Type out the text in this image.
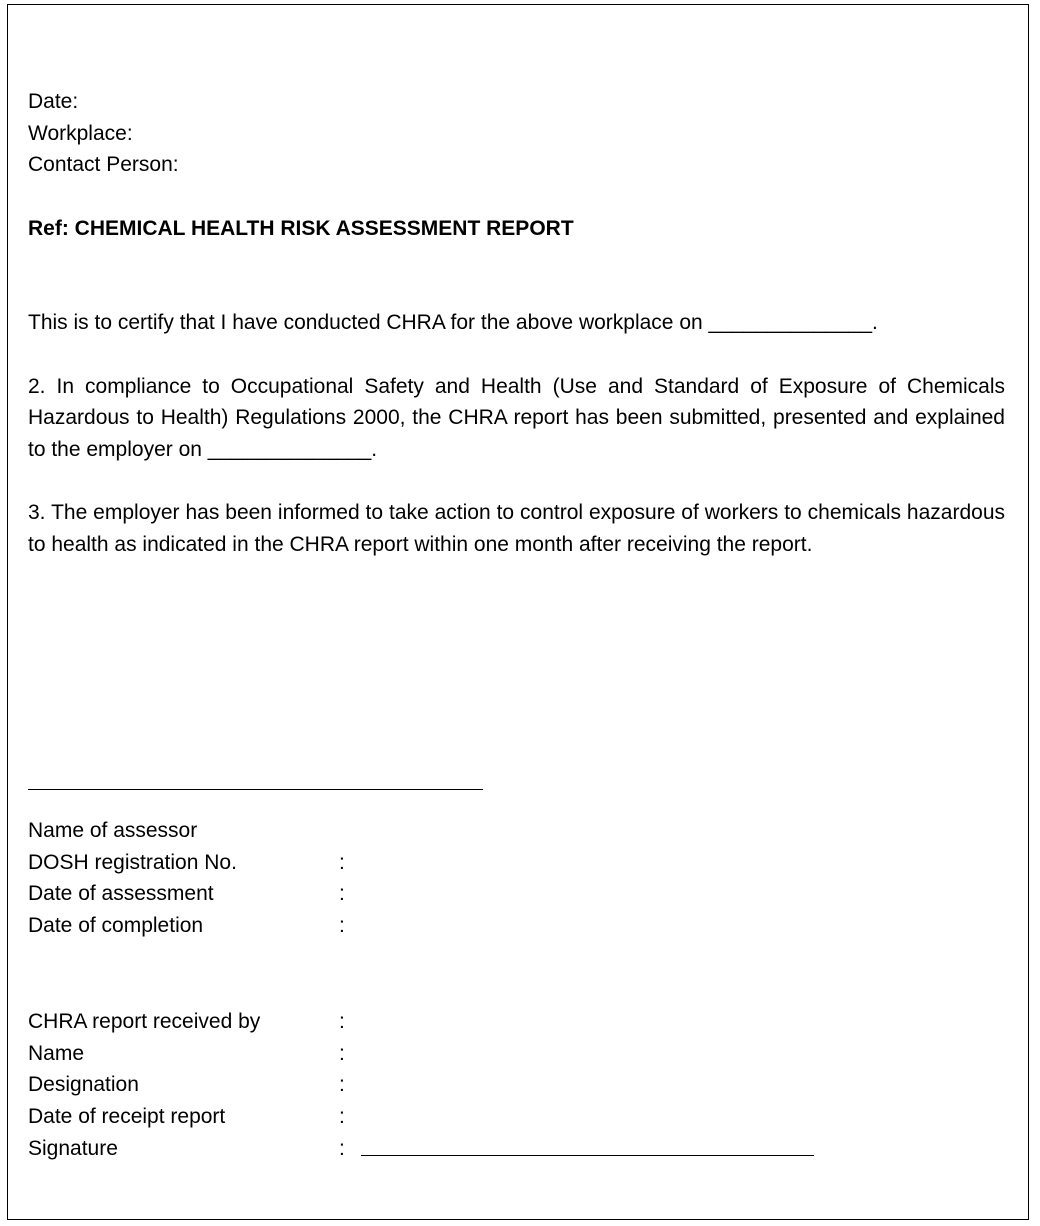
Date:
Workplace:
Contact Person:
Ref: CHEMICAL HEALTH RISK ASSESSMENT REPORT
This is to certify that I have conducted CHRA for the above workplace on ______________.
2. In compliance to Occupational Safety and Health (Use and Standard of Exposure of Chemicals Hazardous to Health) Regulations 2000, the CHRA report has been submitted, presented and explained to the employer on ______________.
3. The employer has been informed to take action to control exposure of workers to chemicals hazardous to health as indicated in the CHRA report within one month after receiving the report.
Name of assessor
DOSH registration No.	:
Date of assessment	:
Date of completion	:
CHRA report received by	:
Name	:
Designation	:
Date of receipt report	:
Signature	:
